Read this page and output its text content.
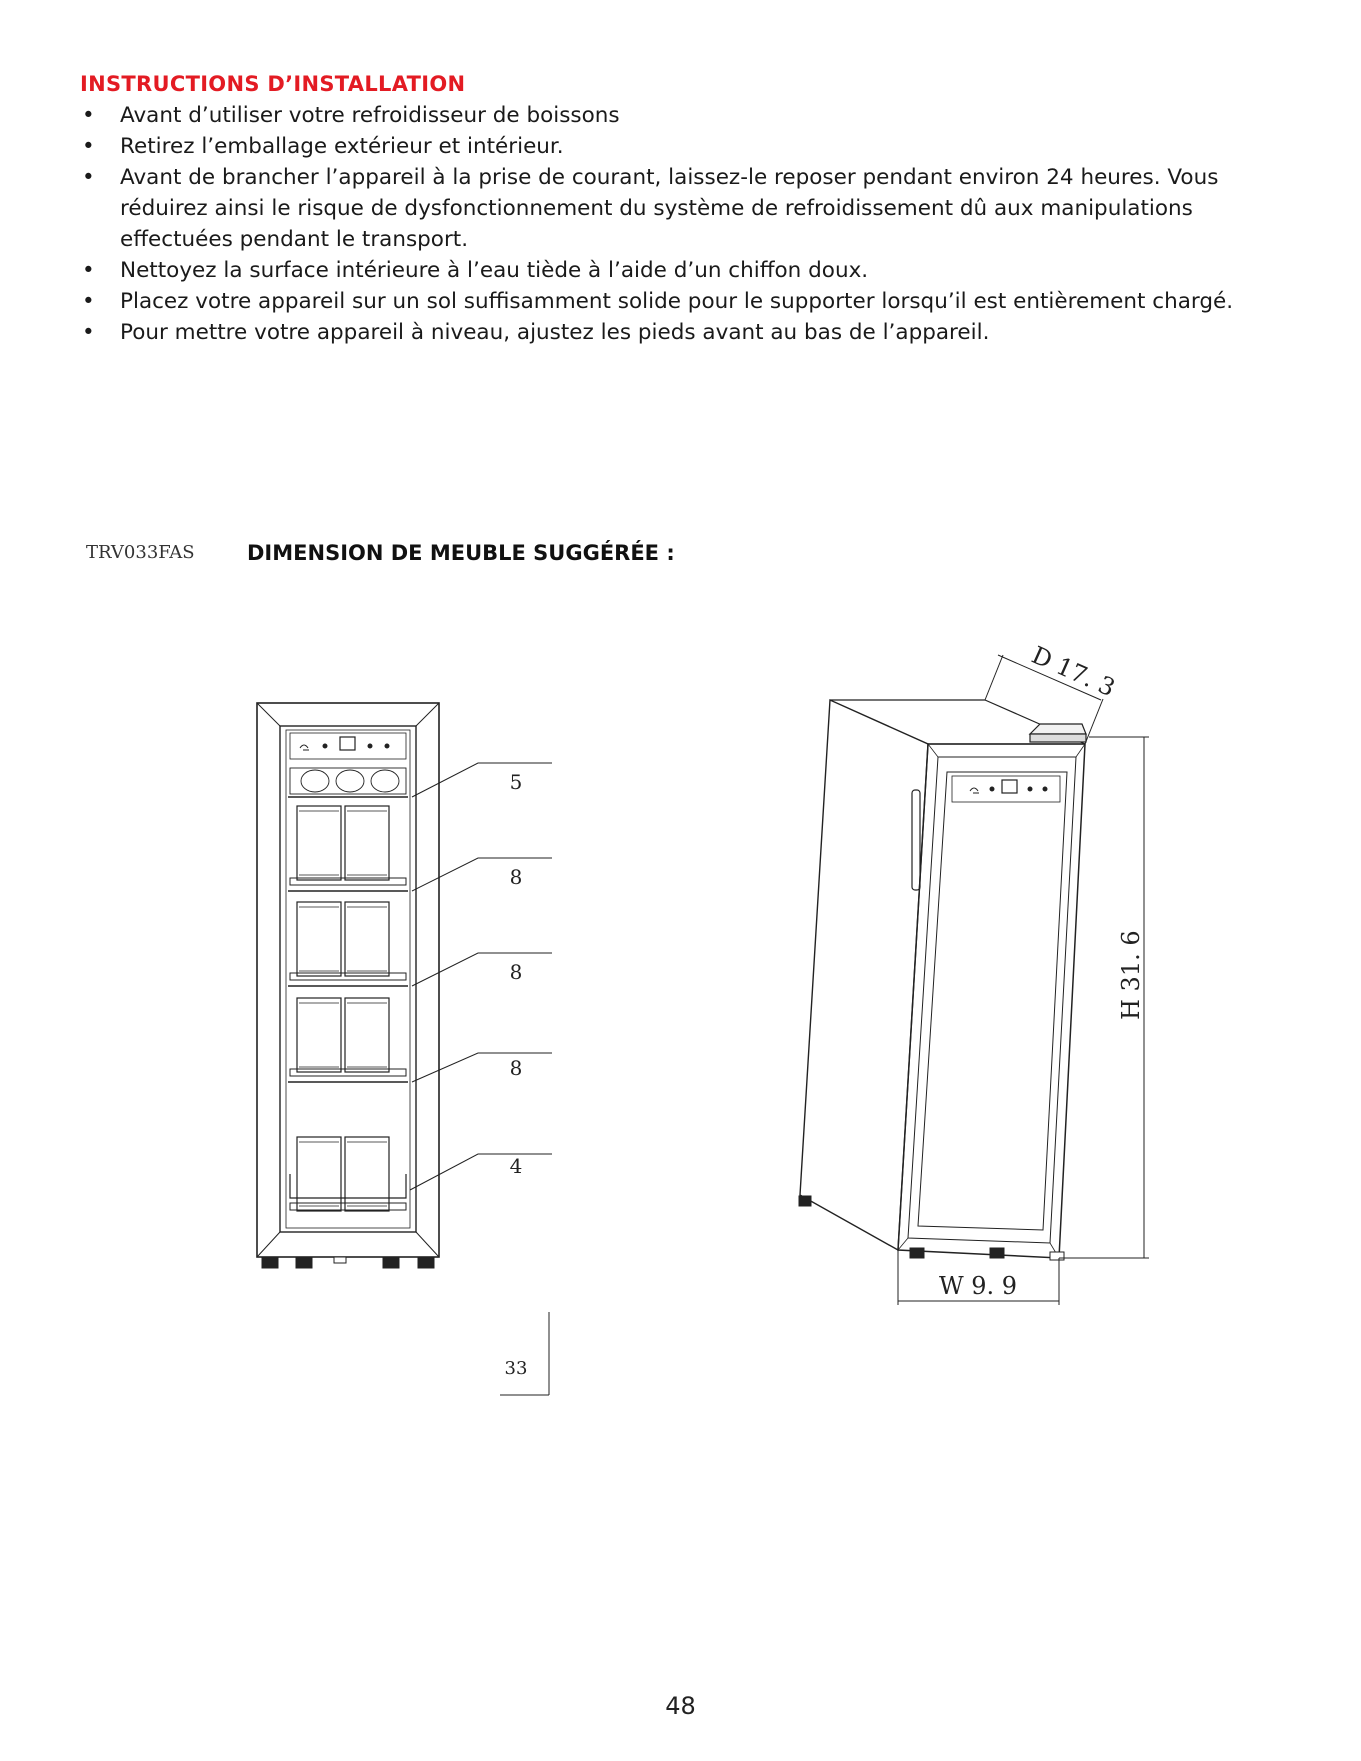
INSTRUCTIONS D’INSTALLATION
• Avant d’utiliser votre refroidisseur de boissons
• Retirez l’emballage extérieur et intérieur.
• Avant de brancher l’appareil à la prise de courant, laissez-le reposer pendant environ 24 heures. Vous réduirez ainsi le risque de dysfonctionnement du système de refroidissement dû aux manipulations effectuées pendant le transport.
• Nettoyez la surface intérieure à l’eau tiède à l’aide d’un chiffon doux.
• Placez votre appareil sur un sol suffisamment solide pour le supporter lorsqu’il est entièrement chargé.
• Pour mettre votre appareil à niveau, ajustez les pieds avant au bas de l’appareil.
TRV033FAS DIMENSION DE MEUBLE SUGGÉRÉE :
5
8
8
8
4
33
D 17. 3
H 31. 6
W 9. 9
48
